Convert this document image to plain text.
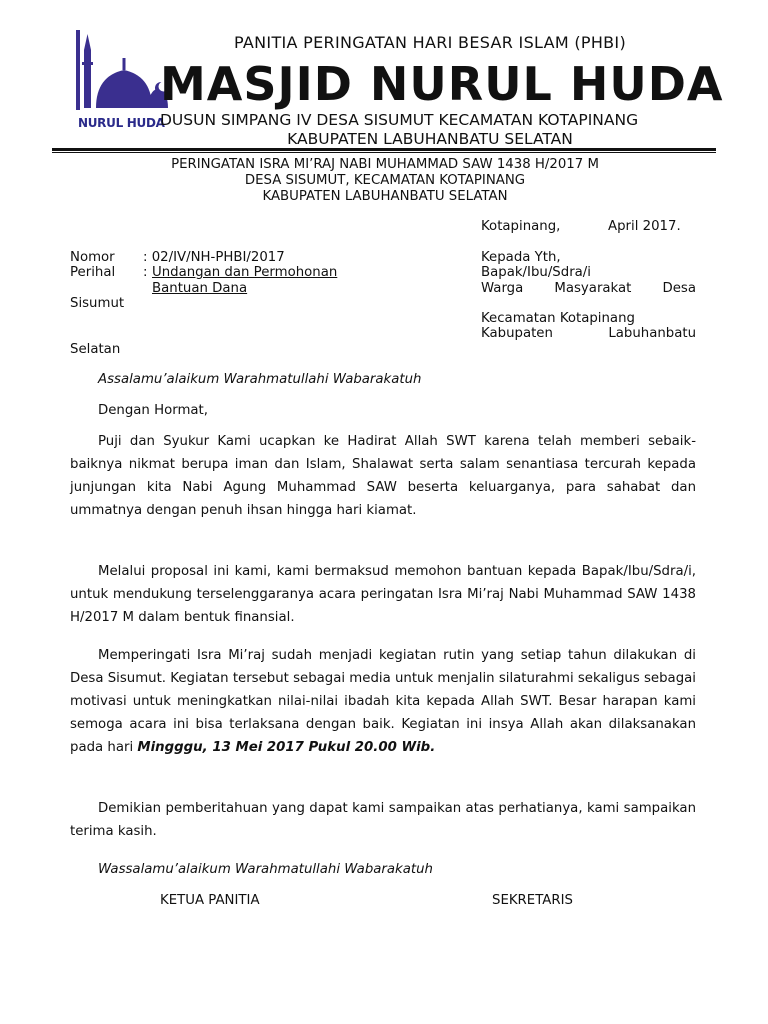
NURUL HUDA
PANITIA PERINGATAN HARI BESAR ISLAM (PHBI)
MASJID NURUL HUDA
DUSUN SIMPANG IV DESA SISUMUT KECAMATAN KOTAPINANG
KABUPATEN LABUHANBATU SELATAN
PERINGATAN ISRA MI’RAJ NABI MUHAMMAD SAW 1438 H/2017 M
DESA SISUMUT, KECAMATAN KOTAPINANG
KABUPATEN LABUHANBATU SELATAN
Kotapinang,	April 2017.
Nomor : 02/IV/NH-PHBI/2017
Perihal : Undangan dan Permohonan
Bantuan Dana
Kepada Yth,
Bapak/Ibu/Sdra/i
Warga Masyarakat Desa
Sisumut
Kecamatan Kotapinang
Kabupaten Labuhanbatu
Selatan
Assalamu’alaikum Warahmatullahi Wabarakatuh
Dengan Hormat,
Puji dan Syukur Kami ucapkan ke Hadirat Allah SWT karena telah memberi sebaik-baiknya nikmat berupa iman dan Islam, Shalawat serta salam senantiasa tercurah kepada junjungan kita Nabi Agung Muhammad SAW beserta keluarganya, para sahabat dan ummatnya dengan penuh ihsan hingga hari kiamat.
Melalui proposal ini kami, kami bermaksud memohon bantuan kepada Bapak/Ibu/Sdra/i, untuk mendukung terselenggaranya acara peringatan Isra Mi’raj Nabi Muhammad SAW 1438 H/2017 M dalam bentuk finansial.
Memperingati Isra Mi’raj sudah menjadi kegiatan rutin yang setiap tahun dilakukan di Desa Sisumut. Kegiatan tersebut sebagai media untuk menjalin silaturahmi sekaligus sebagai motivasi untuk meningkatkan nilai-nilai ibadah kita kepada Allah SWT. Besar harapan kami semoga acara ini bisa terlaksana dengan baik. Kegiatan ini insya Allah akan dilaksanakan pada hari Mingggu, 13 Mei 2017 Pukul 20.00 Wib.
Demikian pemberitahuan yang dapat kami sampaikan atas perhatianya, kami sampaikan terima kasih.
Wassalamu’alaikum Warahmatullahi Wabarakatuh
KETUA PANITIA	SEKRETARIS
